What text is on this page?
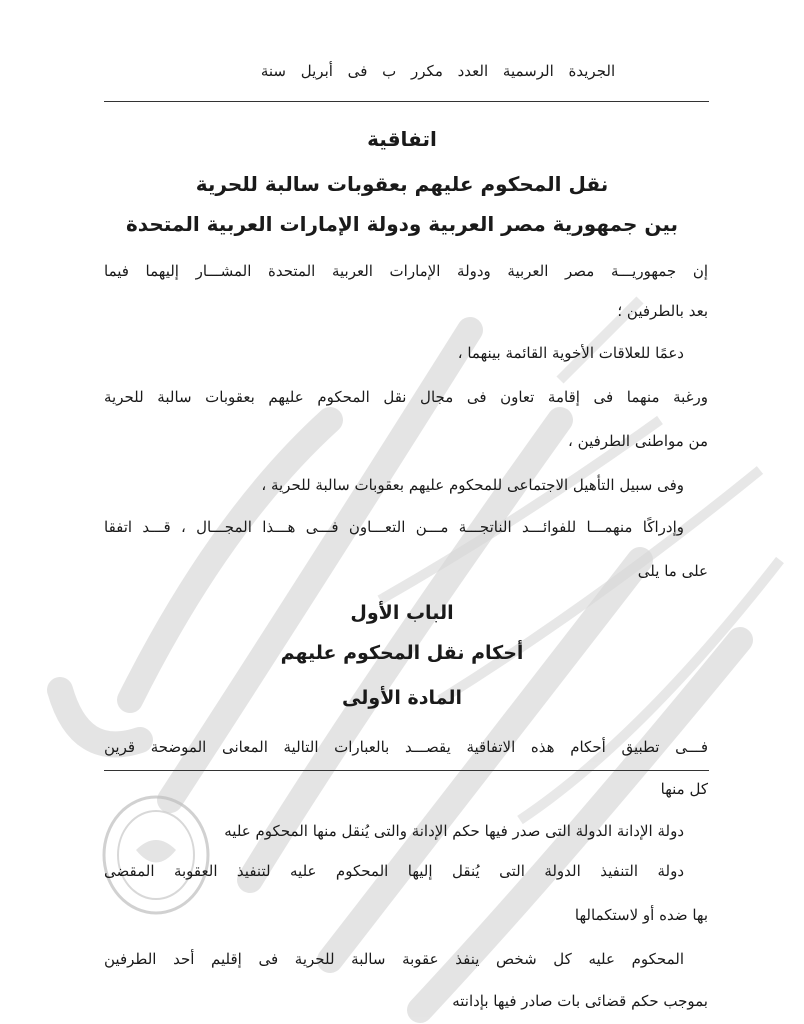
الجريدة الرسمية العدد مكرر ب فى أبريل سنة
اتفاقية
نقل المحكوم عليهم بعقوبات سالبة للحرية
بين جمهورية مصر العربية ودولة الإمارات العربية المتحدة
إن جمهوريـــة مصر العربية ودولة الإمارات العربية المتحدة المشـــار إليهما فيما
بعد بالطرفين ؛
دعمًا للعلاقات الأخوية القائمة بينهما ،
ورغبة منهما فى إقامة تعاون فى مجال نقل المحكوم عليهم بعقوبات سالبة للحرية
من مواطنى الطرفين ،
وفى سبيل التأهيل الاجتماعى للمحكوم عليهم بعقوبات سالبة للحرية ،
وإدراكًا منهمـــا للفوائـــد الناتجـــة مـــن التعـــاون فـــى هـــذا المجـــال ، قـــد اتفقا
على ما يلى
الباب الأول
أحكام نقل المحكوم عليهم
المادة الأولى
فـــى تطبيق أحكام هذه الاتفاقية يقصـــد بالعبارات التالية المعانى الموضحة قرين
كل منها
دولة الإدانة الدولة التى صدر فيها حكم الإدانة والتى يُنقل منها المحكوم عليه
دولة التنفيذ الدولة التى يُنقل إليها المحكوم عليه لتنفيذ العقوبة المقضى
بها ضده أو لاستكمالها
المحكوم عليه كل شخص ينفذ عقوبة سالبة للحرية فى إقليم أحد الطرفين
بموجب حكم قضائى بات صادر فيها بإدانته
